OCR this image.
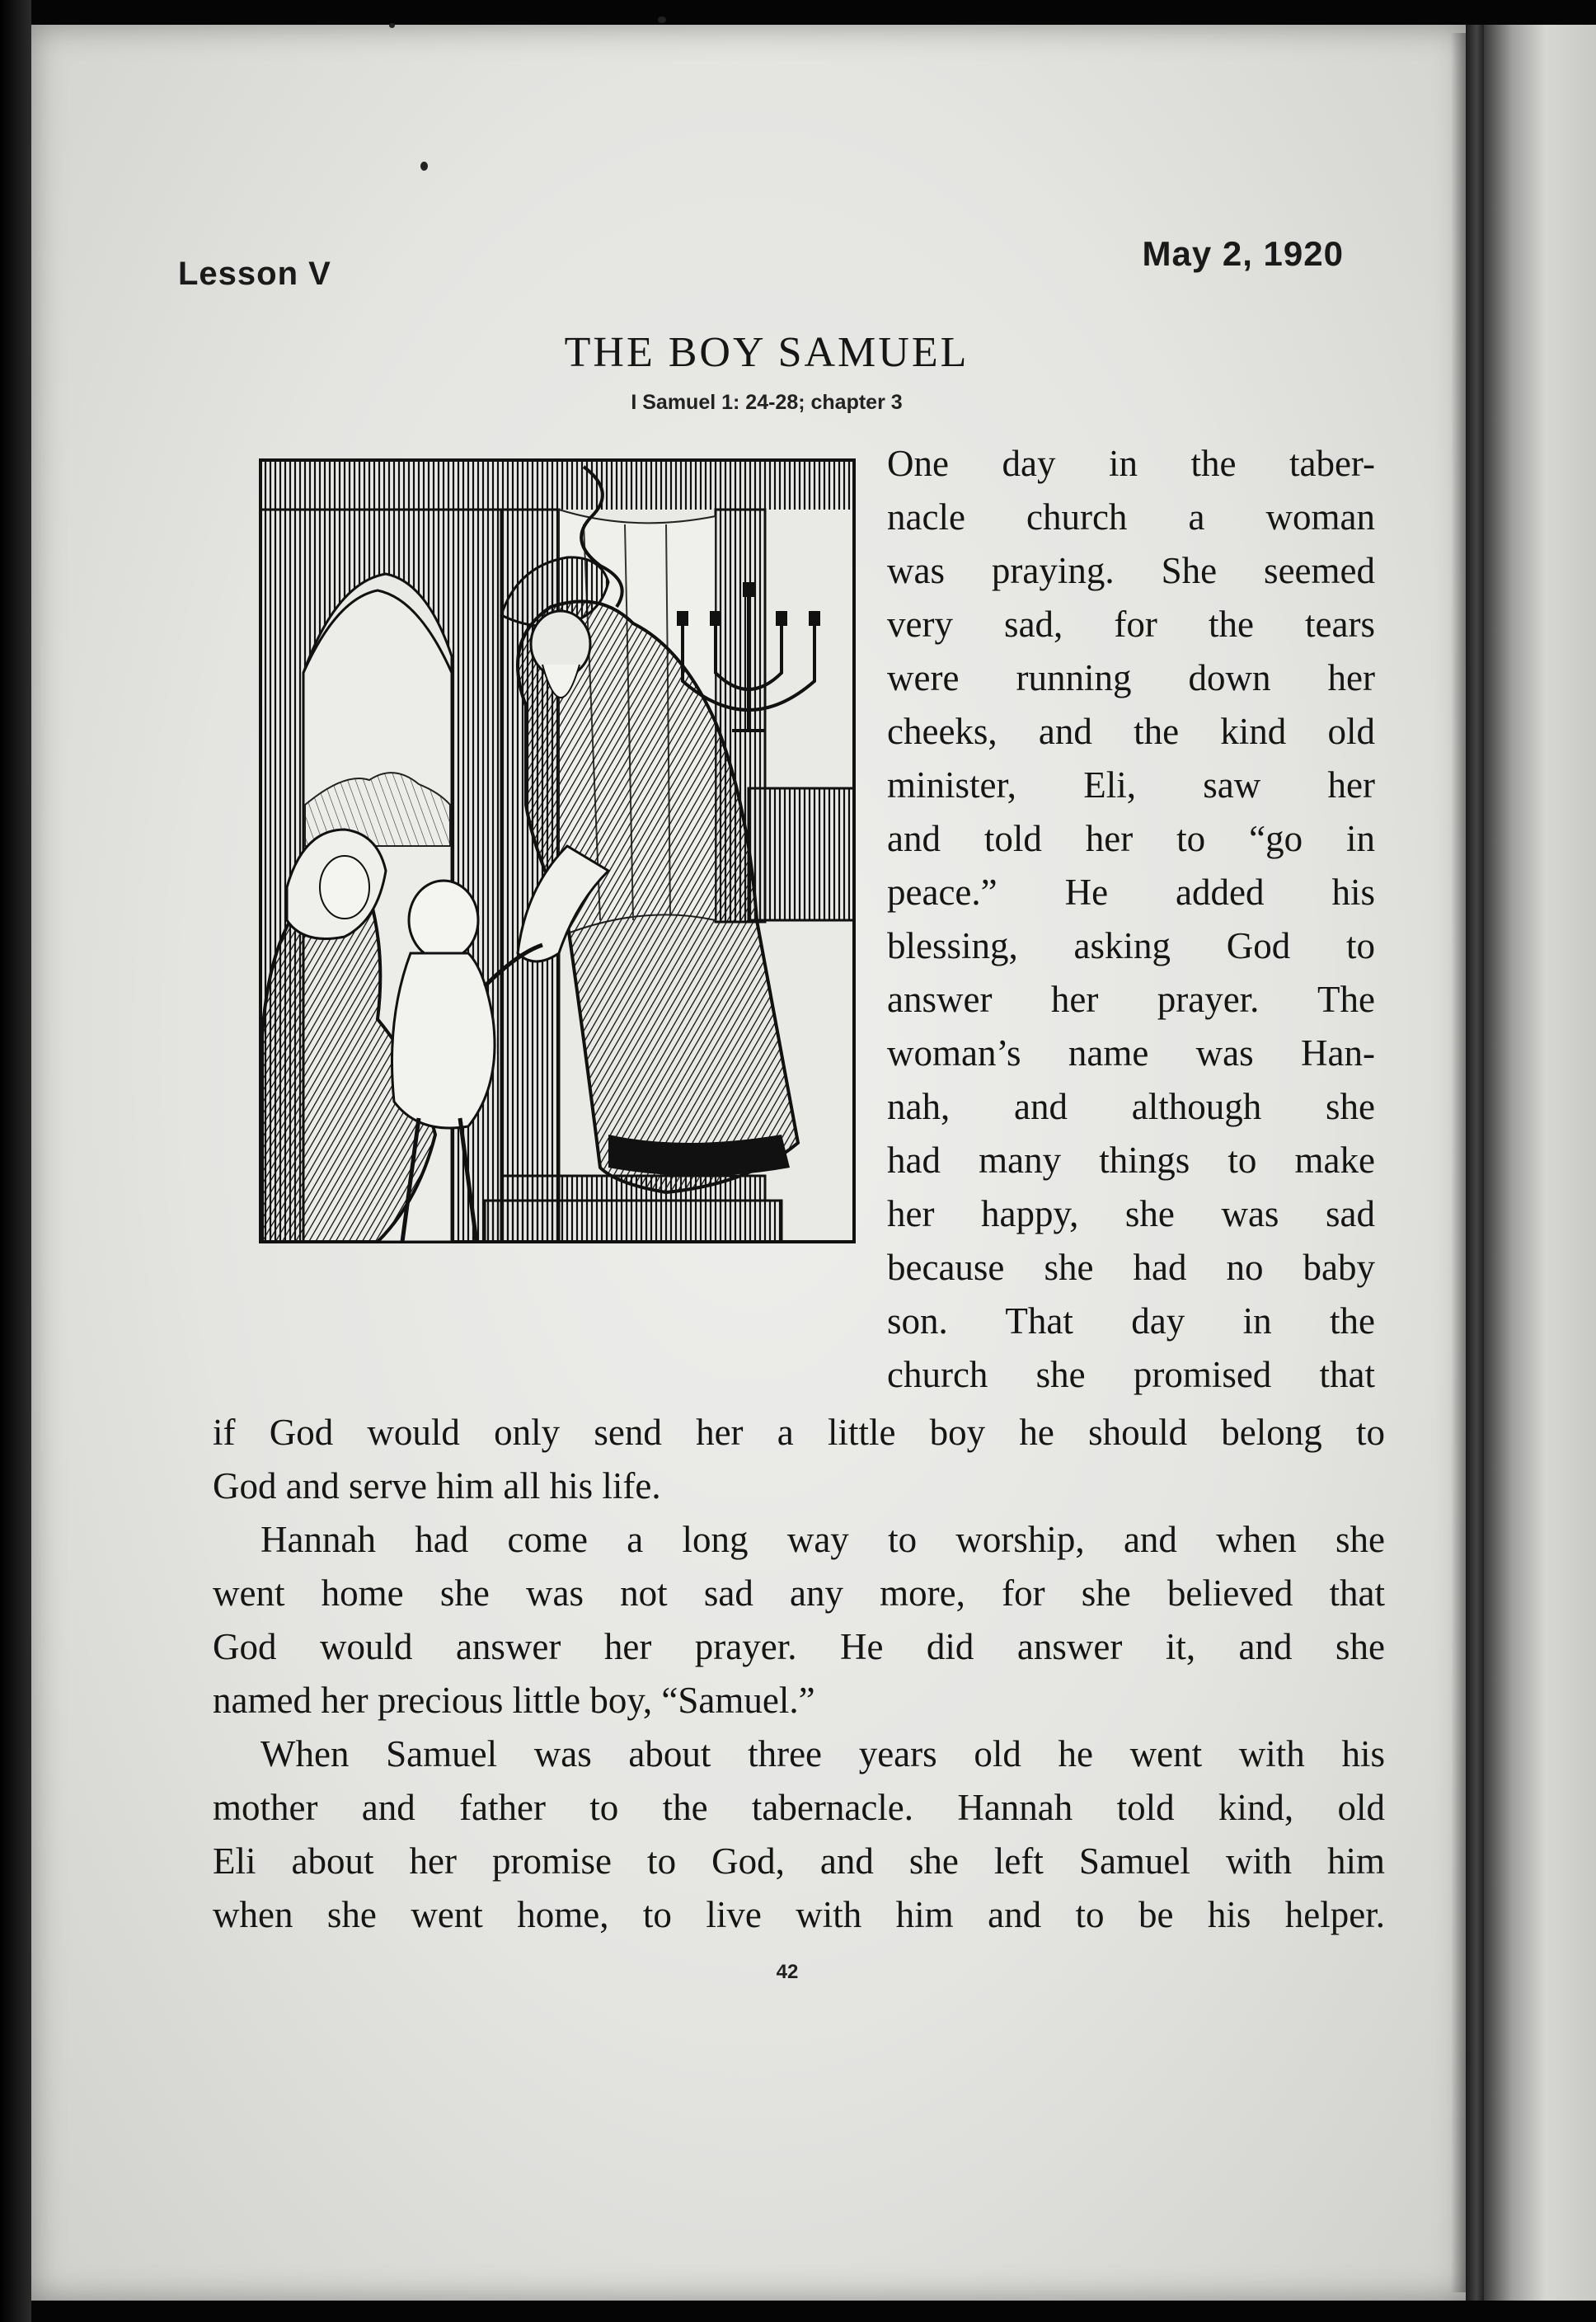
Lesson V
May 2, 1920
THE BOY SAMUEL
I Samuel 1: 24-28; chapter 3
One day in the taber-
nacle church a woman
was praying. She seemed
very sad, for the tears
were running down her
cheeks, and the kind old
minister, Eli, saw her
and told her to “go in
peace.” He added his
blessing, asking God to
answer her prayer. The
woman’s name was Han-
nah, and although she
had many things to make
her happy, she was sad
because she had no baby
son. That day in the
church she promised that
if God would only send her a little boy he should belong to
God and serve him all his life.
Hannah had come a long way to worship, and when she
went home she was not sad any more, for she believed that
God would answer her prayer. He did answer it, and she
named her precious little boy, “Samuel.”
When Samuel was about three years old he went with his
mother and father to the tabernacle. Hannah told kind, old
Eli about her promise to God, and she left Samuel with him
when she went home, to live with him and to be his helper.
42
